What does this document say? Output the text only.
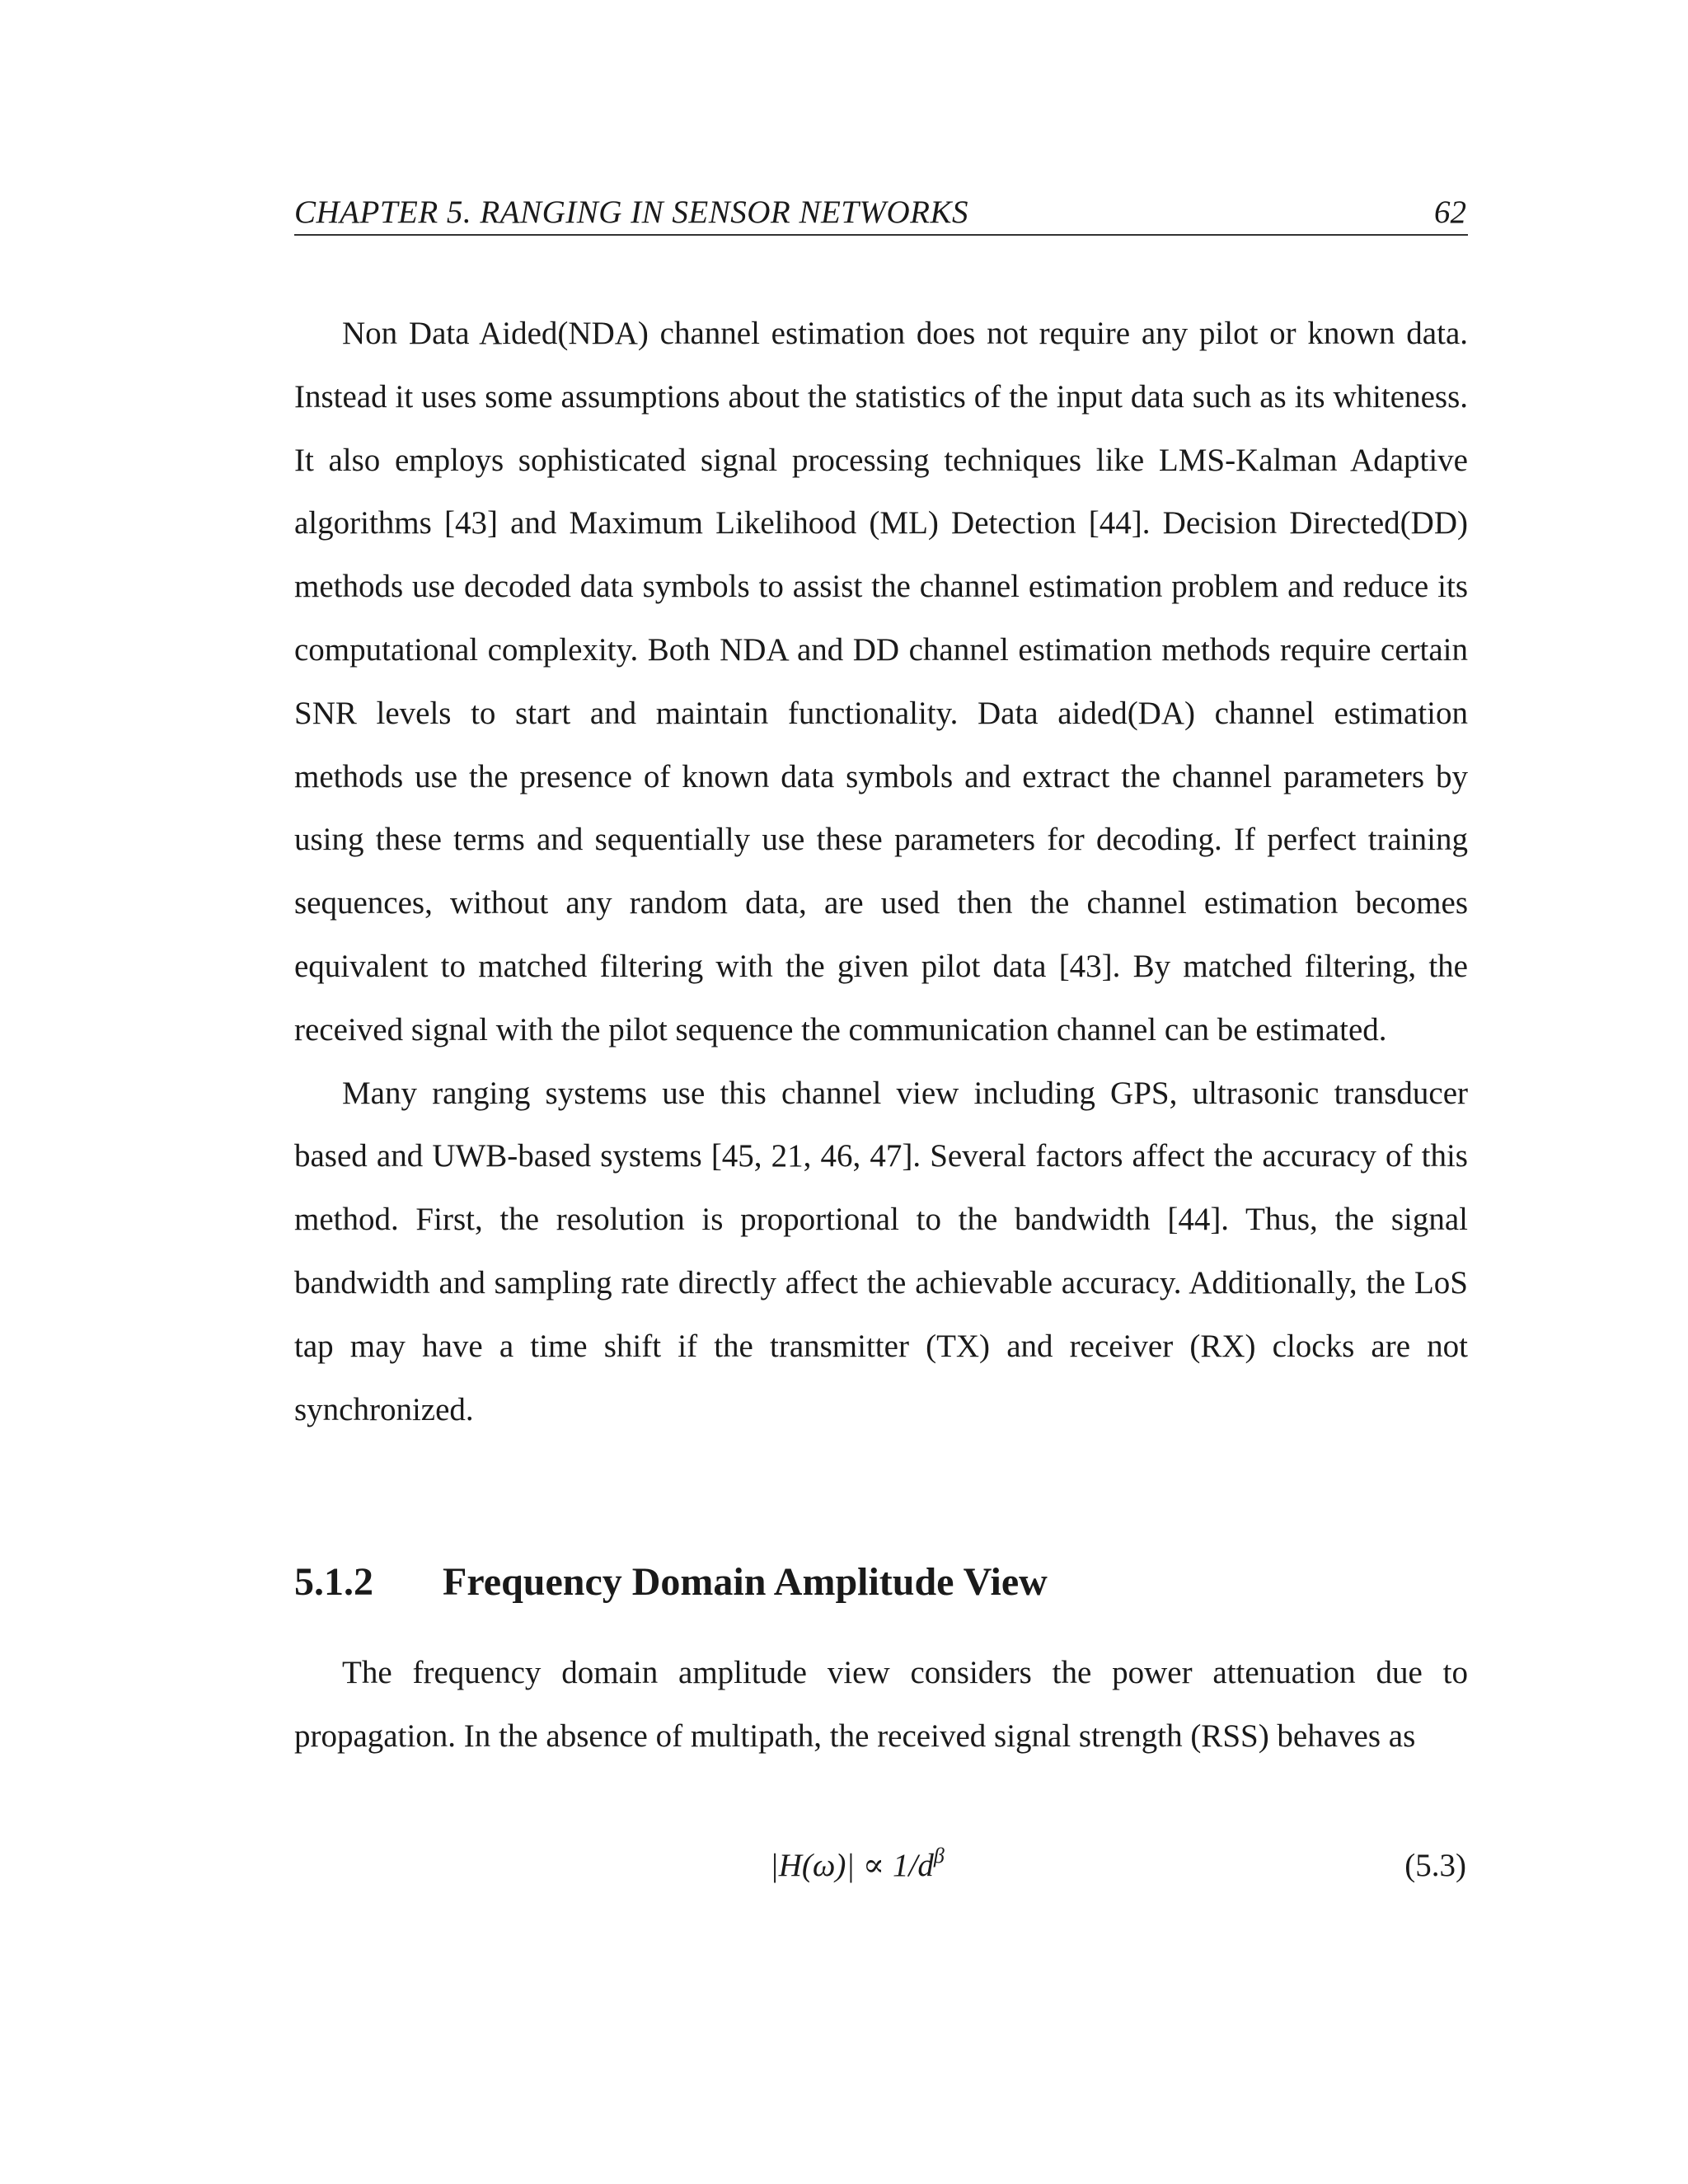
CHAPTER 5. RANGING IN SENSOR NETWORKS	62

Non Data Aided(NDA) channel estimation does not require any pilot or known data. Instead it uses some assumptions about the statistics of the input data such as its whiteness. It also employs sophisticated signal processing techniques like LMS-Kalman Adaptive algorithms [43] and Maximum Likelihood (ML) Detection [44]. Decision Directed(DD) methods use decoded data symbols to assist the channel estimation problem and reduce its computational complexity. Both NDA and DD channel estimation methods require certain SNR levels to start and maintain functionality. Data aided(DA) channel estimation methods use the presence of known data symbols and extract the channel parameters by using these terms and sequentially use these parameters for decoding. If perfect training sequences, without any random data, are used then the channel estimation becomes equivalent to matched filtering with the given pilot data [43]. By matched filtering, the received signal with the pilot sequence the communication channel can be estimated.

Many ranging systems use this channel view including GPS, ultrasonic transducer based and UWB-based systems [45, 21, 46, 47]. Several factors affect the accuracy of this method. First, the resolution is proportional to the bandwidth [44]. Thus, the signal bandwidth and sampling rate directly affect the achievable accuracy. Additionally, the LoS tap may have a time shift if the transmitter (TX) and receiver (RX) clocks are not synchronized.

5.1.2 Frequency Domain Amplitude View

The frequency domain amplitude view considers the power attenuation due to propagation. In the absence of multipath, the received signal strength (RSS) behaves as

$|H(\omega)| \propto 1/d^\beta$	(5.3)
